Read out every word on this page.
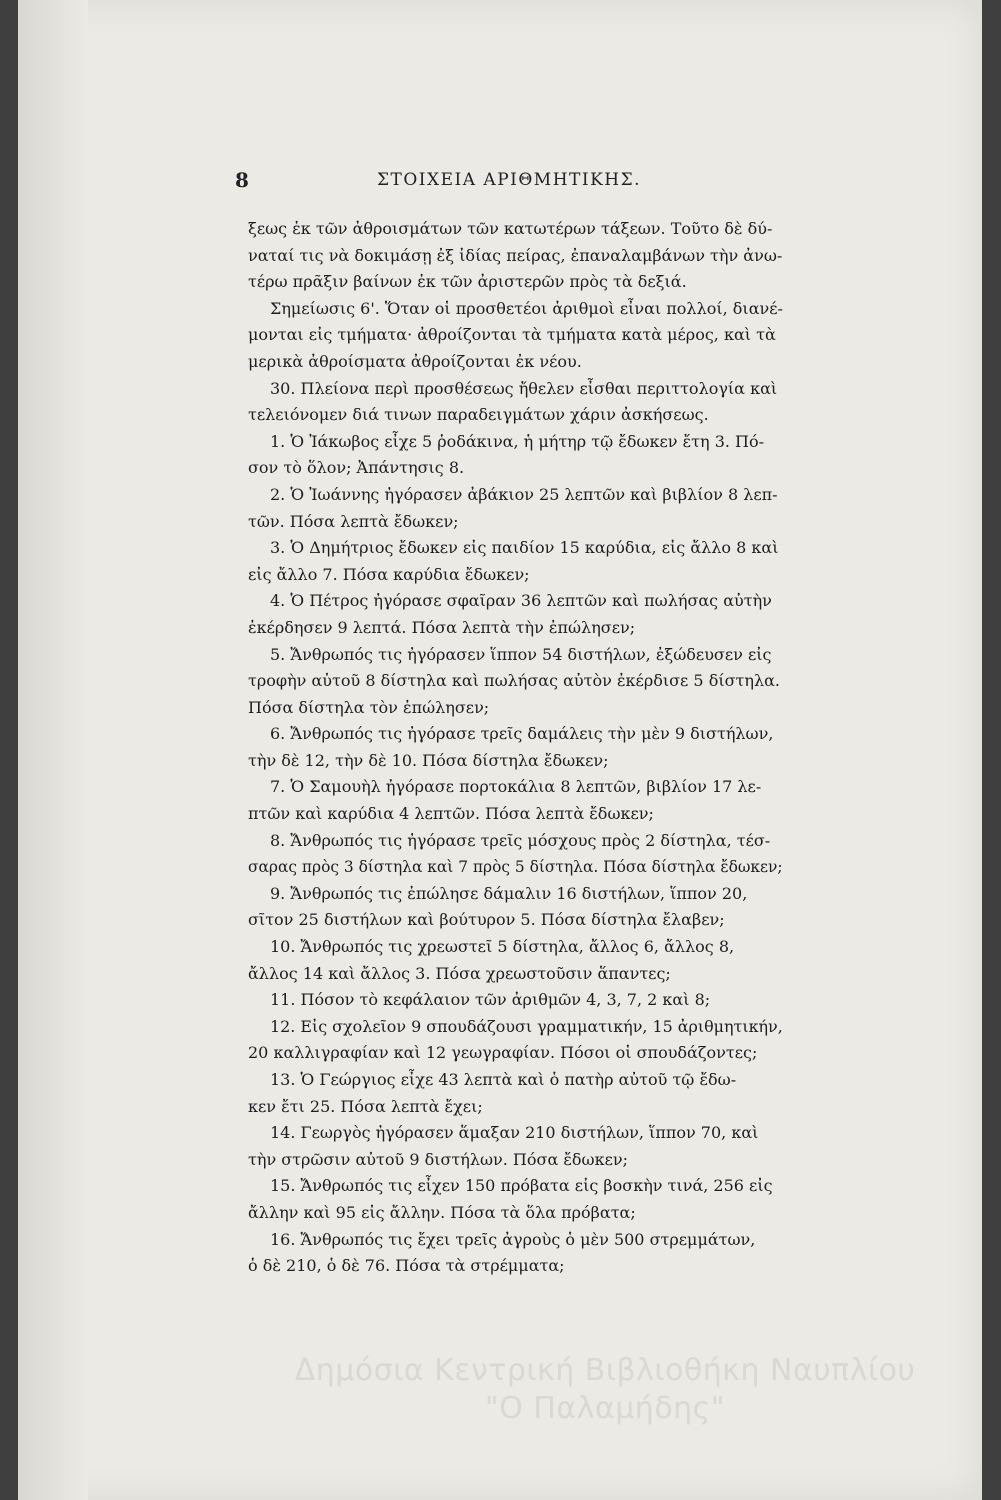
8	ΣΤΟΙΧΕΙΑ ΑΡΙΘΜΗΤΙΚΗΣ.
ξεως ἐκ τῶν ἀθροισμάτων τῶν κατωτέρων τάξεων. Τοῦτο δὲ δύ-
ναταί τις νὰ δοκιμάσῃ ἐξ ἰδίας πείρας, ἐπαναλαμβάνων τὴν ἀνω-
τέρω πρᾶξιν βαίνων ἐκ τῶν ἀριστερῶν πρὸς τὰ δεξιά.
Σημείωσις 6'. Ὅταν οἱ προσθετέοι ἀριθμοὶ εἶναι πολλοί, διανέ-
μονται εἰς τμήματα· ἀθροίζονται τὰ τμήματα κατὰ μέρος, καὶ τὰ
μερικὰ ἀθροίσματα ἀθροίζονται ἐκ νέου.
30. Πλείονα περὶ προσθέσεως ἤθελεν εἶσθαι περιττολογία καὶ
τελειόνομεν διά τινων παραδειγμάτων χάριν ἀσκήσεως.
1. Ὁ Ἰάκωβος εἶχε 5 ῥοδάκινα, ἡ μήτηρ τῷ ἔδωκεν ἔτη 3. Πό-
σον τὸ ὅλον; Ἀπάντησις 8.
2. Ὁ Ἰωάννης ἠγόρασεν ἀβάκιον 25 λεπτῶν καὶ βιβλίον 8 λεπ-
τῶν. Πόσα λεπτὰ ἔδωκεν;
3. Ὁ Δημήτριος ἔδωκεν εἰς παιδίον 15 καρύδια, εἰς ἄλλο 8 καὶ
εἰς ἄλλο 7. Πόσα καρύδια ἔδωκεν;
4. Ὁ Πέτρος ἠγόρασε σφαῖραν 36 λεπτῶν καὶ πωλήσας αὐτὴν
ἐκέρδησεν 9 λεπτά. Πόσα λεπτὰ τὴν ἐπώλησεν;
5. Ἄνθρωπός τις ἠγόρασεν ἵππον 54 διστήλων, ἐξώδευσεν εἰς
τροφὴν αὐτοῦ 8 δίστηλα καὶ πωλήσας αὐτὸν ἐκέρδισε 5 δίστηλα.
Πόσα δίστηλα τὸν ἐπώλησεν;
6. Ἄνθρωπός τις ἠγόρασε τρεῖς δαμάλεις τὴν μὲν 9 διστήλων,
τὴν δὲ 12, τὴν δὲ 10. Πόσα δίστηλα ἔδωκεν;
7. Ὁ Σαμουὴλ ἠγόρασε πορτοκάλια 8 λεπτῶν, βιβλίον 17 λε-
πτῶν καὶ καρύδια 4 λεπτῶν. Πόσα λεπτὰ ἔδωκεν;
8. Ἄνθρωπός τις ἠγόρασε τρεῖς μόσχους πρὸς 2 δίστηλα, τέσ-
σαρας πρὸς 3 δίστηλα καὶ 7 πρὸς 5 δίστηλα. Πόσα δίστηλα ἔδωκεν;
9. Ἄνθρωπός τις ἐπώλησε δάμαλιν 16 διστήλων, ἵππον 20,
σῖτον 25 διστήλων καὶ βούτυρον 5. Πόσα δίστηλα ἔλαβεν;
10. Ἄνθρωπός τις χρεωστεῖ 5 δίστηλα, ἄλλος 6, ἄλλος 8,
ἄλλος 14 καὶ ἄλλος 3. Πόσα χρεωστοῦσιν ἅπαντες;
11. Πόσον τὸ κεφάλαιον τῶν ἀριθμῶν 4, 3, 7, 2 καὶ 8;
12. Εἰς σχολεῖον 9 σπουδάζουσι γραμματικήν, 15 ἀριθμητικήν,
20 καλλιγραφίαν καὶ 12 γεωγραφίαν. Πόσοι οἱ σπουδάζοντες;
13. Ὁ Γεώργιος εἶχε 43 λεπτὰ καὶ ὁ πατὴρ αὐτοῦ τῷ ἔδω-
κεν ἔτι 25. Πόσα λεπτὰ ἔχει;
14. Γεωργὸς ἠγόρασεν ἅμαξαν 210 διστήλων, ἵππον 70, καὶ
τὴν στρῶσιν αὐτοῦ 9 διστήλων. Πόσα ἔδωκεν;
15. Ἄνθρωπός τις εἶχεν 150 πρόβατα εἰς βοσκὴν τινά, 256 εἰς
ἄλλην καὶ 95 εἰς ἄλλην. Πόσα τὰ ὅλα πρόβατα;
16. Ἄνθρωπός τις ἔχει τρεῖς ἀγροὺς ὁ μὲν 500 στρεμμάτων,
ὁ δὲ 210, ὁ δὲ 76. Πόσα τὰ στρέμματα;
Δημόσια Κεντρική Βιβλιοθήκη Ναυπλίου
"Ο Παλαμήδης"
